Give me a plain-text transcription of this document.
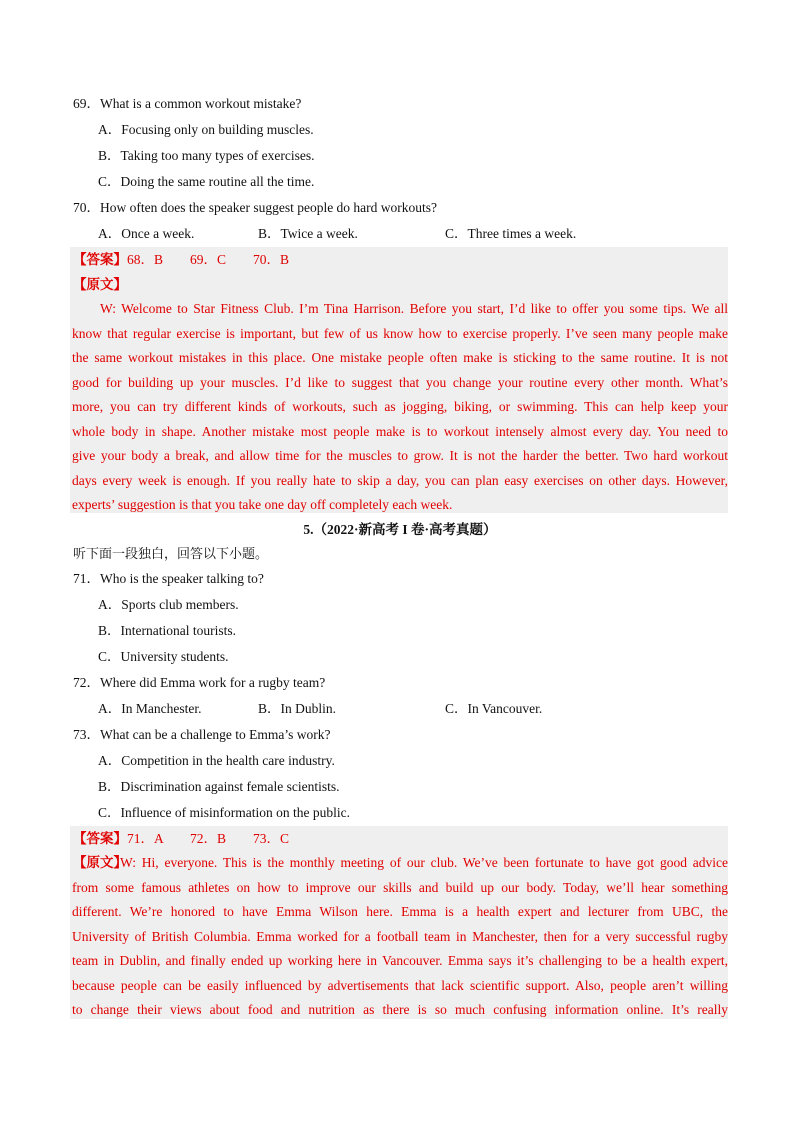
69．What is a common workout mistake?
A．Focusing only on building muscles.
B．Taking too many types of exercises.
C．Doing the same routine all the time.
70．How often does the speaker suggest people do hard workouts?
A．Once a week.	B．Twice a week.	C．Three times a week.
【答案】68．B　　69．C　　70．B
【原文】
W: Welcome to Star Fitness Club. I’m Tina Harrison. Before you start, I’d like to offer you some tips. We all
know that regular exercise is important, but few of us know how to exercise properly. I’ve seen many people make
the same workout mistakes in this place. One mistake people often make is sticking to the same routine. It is not
good for building up your muscles. I’d like to suggest that you change your routine every other month. What’s
more, you can try different kinds of workouts, such as jogging, biking, or swimming. This can help keep your
whole body in shape. Another mistake most people make is to workout intensely almost every day. You need to
give your body a break, and allow time for the muscles to grow. It is not the harder the better. Two hard workout
days every week is enough. If you really hate to skip a day, you can plan easy exercises on other days. However,
experts’ suggestion is that you take one day off completely each week.
5.（2022·新高考 I 卷·高考真题）
听下面一段独白，回答以下小题。
71．Who is the speaker talking to?
A．Sports club members.
B．International tourists.
C．University students.
72．Where did Emma work for a rugby team?
A．In Manchester.	B．In Dublin.	C．In Vancouver.
73．What can be a challenge to Emma’s work?
A．Competition in the health care industry.
B．Discrimination against female scientists.
C．Influence of misinformation on the public.
【答案】71．A　　72．B　　73．C
【原文】
W: Hi, everyone. This is the monthly meeting of our club. We’ve been fortunate to have got good advice
from some famous athletes on how to improve our skills and build up our body. Today, we’ll hear something
different. We’re honored to have Emma Wilson here. Emma is a health expert and lecturer from UBC, the
University of British Columbia. Emma worked for a football team in Manchester, then for a very successful rugby
team in Dublin, and finally ended up working here in Vancouver. Emma says it’s challenging to be a health expert,
because people can be easily influenced by advertisements that lack scientific support. Also, people aren’t willing
to change their views about food and nutrition as there is so much confusing information online. It’s really
